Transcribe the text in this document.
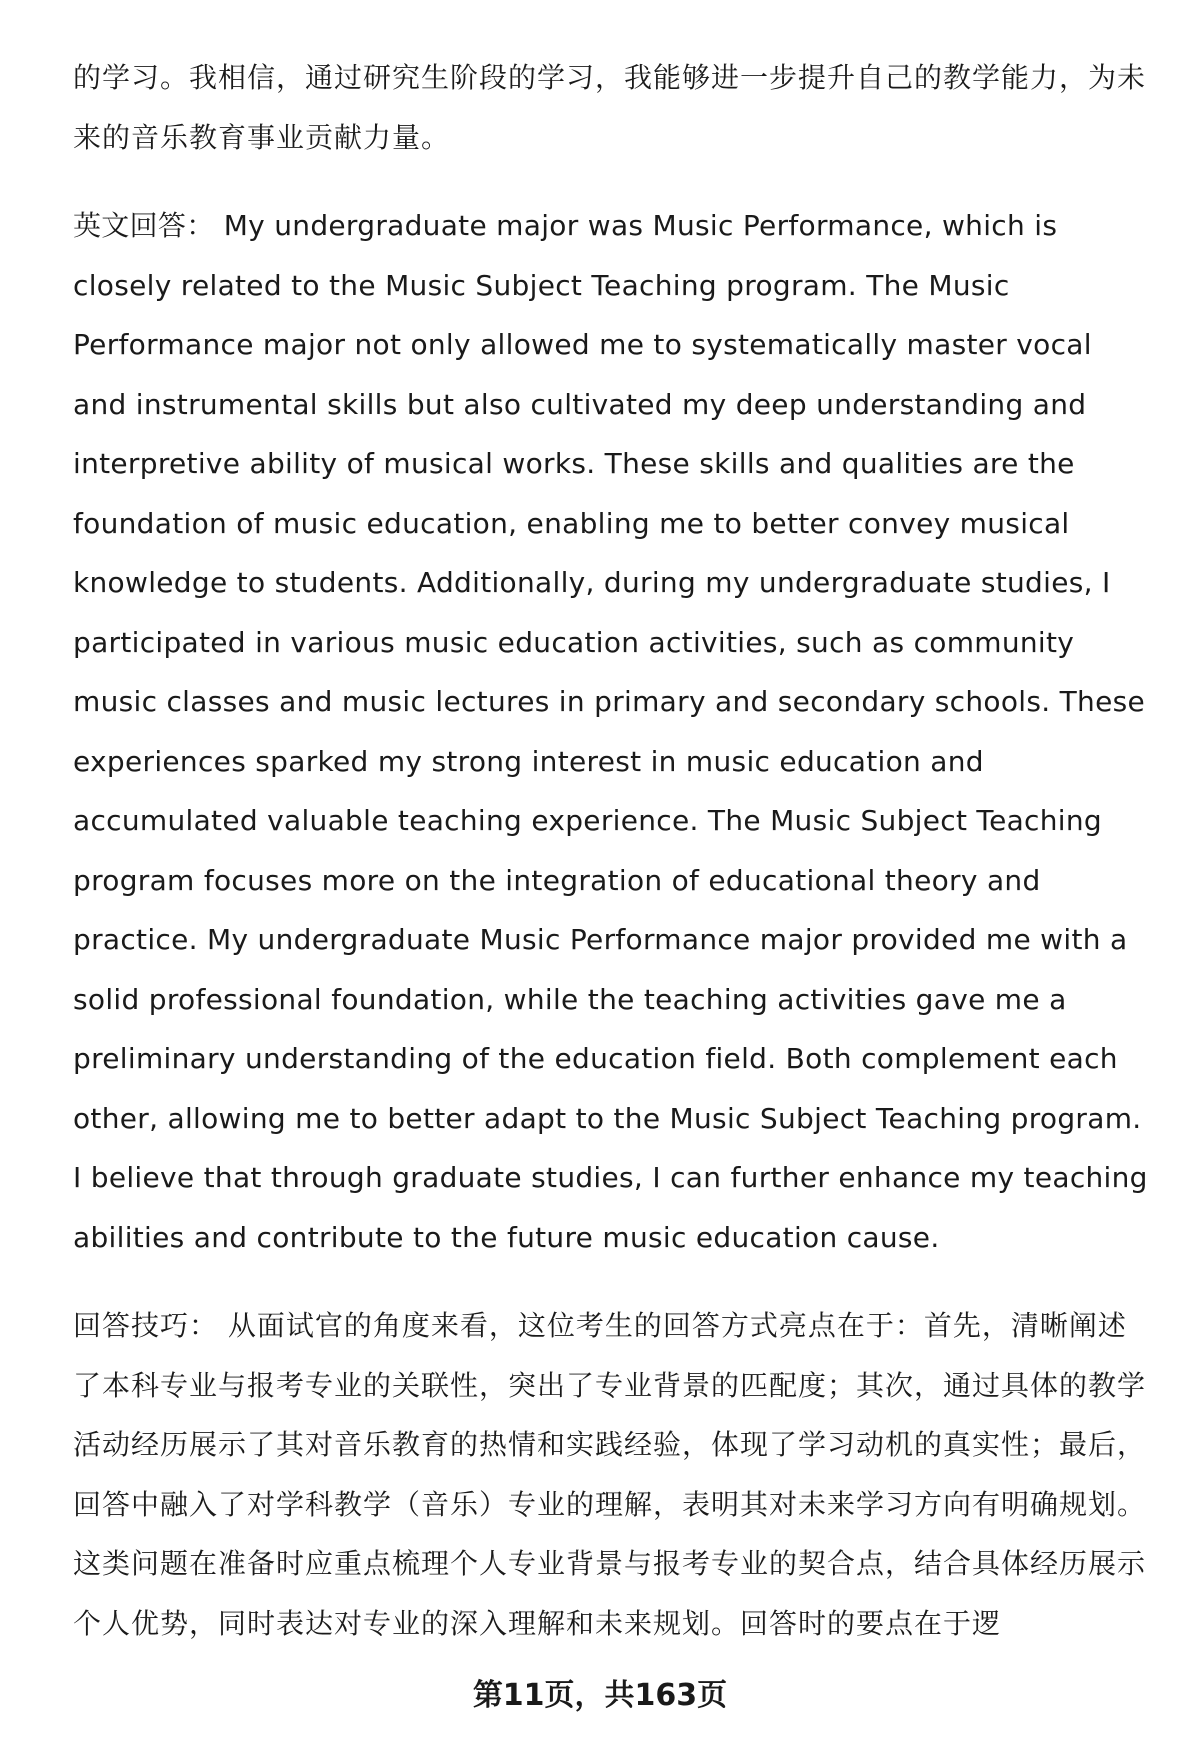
的学习。我相信，通过研究生阶段的学习，我能够进一步提升自己的教学能力，为未来的音乐教育事业贡献力量。

英文回答： My undergraduate major was Music Performance, which is closely related to the Music Subject Teaching program. The Music Performance major not only allowed me to systematically master vocal and instrumental skills but also cultivated my deep understanding and interpretive ability of musical works. These skills and qualities are the foundation of music education, enabling me to better convey musical knowledge to students. Additionally, during my undergraduate studies, I participated in various music education activities, such as community music classes and music lectures in primary and secondary schools. These experiences sparked my strong interest in music education and accumulated valuable teaching experience. The Music Subject Teaching program focuses more on the integration of educational theory and practice. My undergraduate Music Performance major provided me with a solid professional foundation, while the teaching activities gave me a preliminary understanding of the education field. Both complement each other, allowing me to better adapt to the Music Subject Teaching program. I believe that through graduate studies, I can further enhance my teaching abilities and contribute to the future music education cause.

回答技巧： 从面试官的角度来看，这位考生的回答方式亮点在于：首先，清晰阐述了本科专业与报考专业的关联性，突出了专业背景的匹配度；其次，通过具体的教学活动经历展示了其对音乐教育的热情和实践经验，体现了学习动机的真实性；最后，回答中融入了对学科教学（音乐）专业的理解，表明其对未来学习方向有明确规划。这类问题在准备时应重点梳理个人专业背景与报考专业的契合点，结合具体经历展示个人优势，同时表达对专业的深入理解和未来规划。回答时的要点在于逻

第11页，共163页
